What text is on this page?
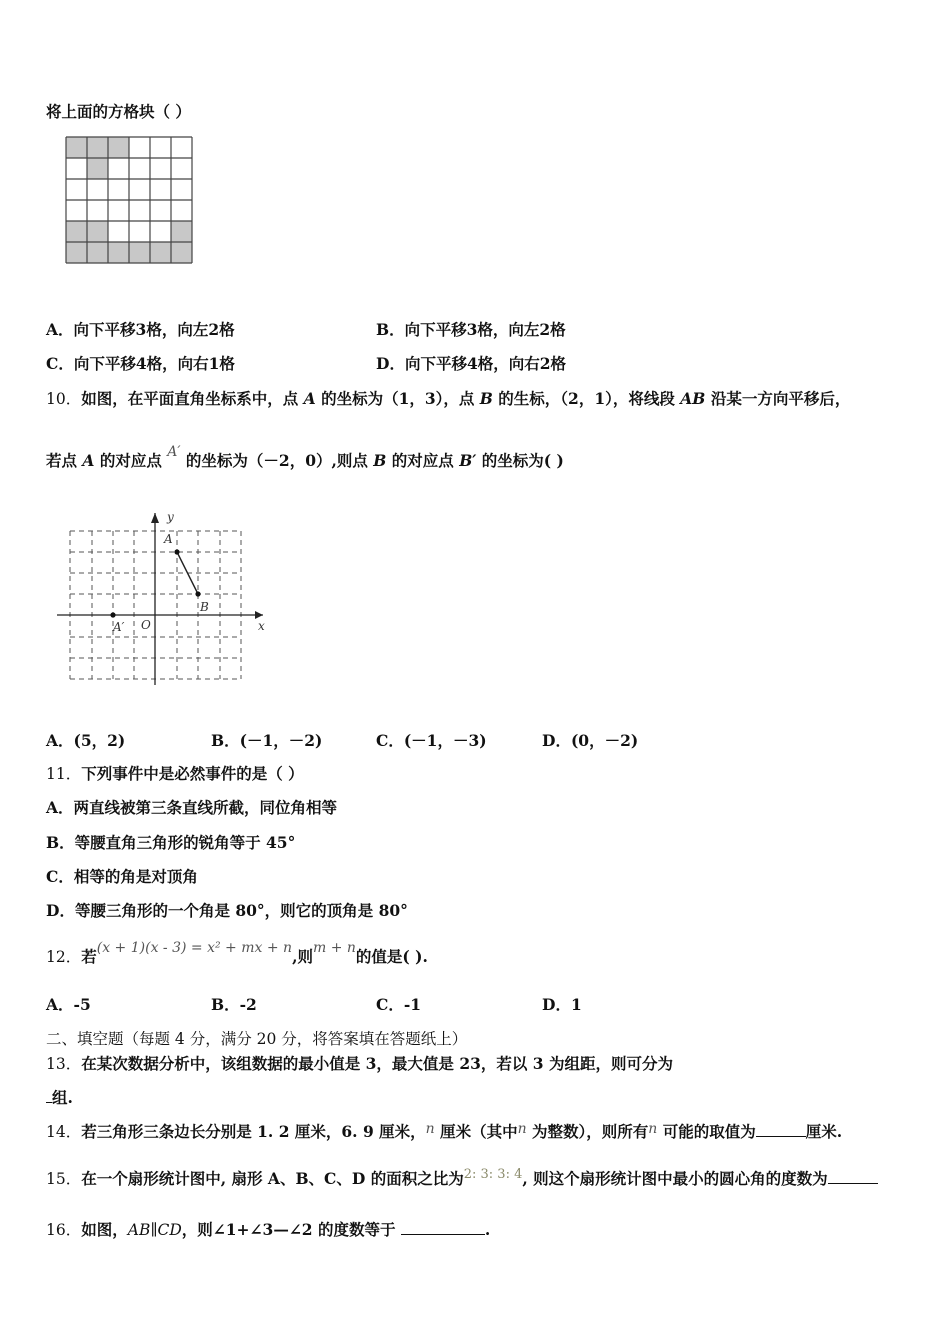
将上面的方格块（ ）
A．向下平移3格，向左2格	B．向下平移3格，向左2格
C．向下平移4格，向右1格	D．向下平移4格，向右2格
10．如图，在平面直角坐标系中，点 A 的坐标为（1，3），点 B 的生标，（2，1），将线段 AB 沿某一方向平移后，
若点 A 的对应点 A′ 的坐标为（－2，0）,则点 B 的对应点 B′ 的坐标为( )
x
y
O
A
B
A′
A．(5，2)	B．(－1，－2)	C．(－1，－3)	D．(0，－2)
11．下列事件中是必然事件的是（ ）
A．两直线被第三条直线所截，同位角相等
B．等腰直角三角形的锐角等于 45°
C．相等的角是对顶角
D．等腰三角形的一个角是 80°，则它的顶角是 80°
12．若(x + 1)(x - 3) = x² + mx + n,则m + n的值是( ).
A．-5	B．-2	C．-1	D．1
二、填空题（每题 4 分，满分 20 分，将答案填在答题纸上）
13．在某次数据分析中，该组数据的最小值是 3，最大值是 23，若以 3 为组距，则可分为
组.
14．若三角形三条边长分别是 1. 2 厘米，6. 9 厘米，n 厘米（其中n 为整数），则所有n 可能的取值为	厘米.
15．在一个扇形统计图中, 扇形 A、B、C、D 的面积之比为$^{2: 3: 3: 4}$, 则这个扇形统计图中最小的圆心角的度数为
16．如图，AB∥CD，则∠1+∠3—∠2 的度数等于	.
